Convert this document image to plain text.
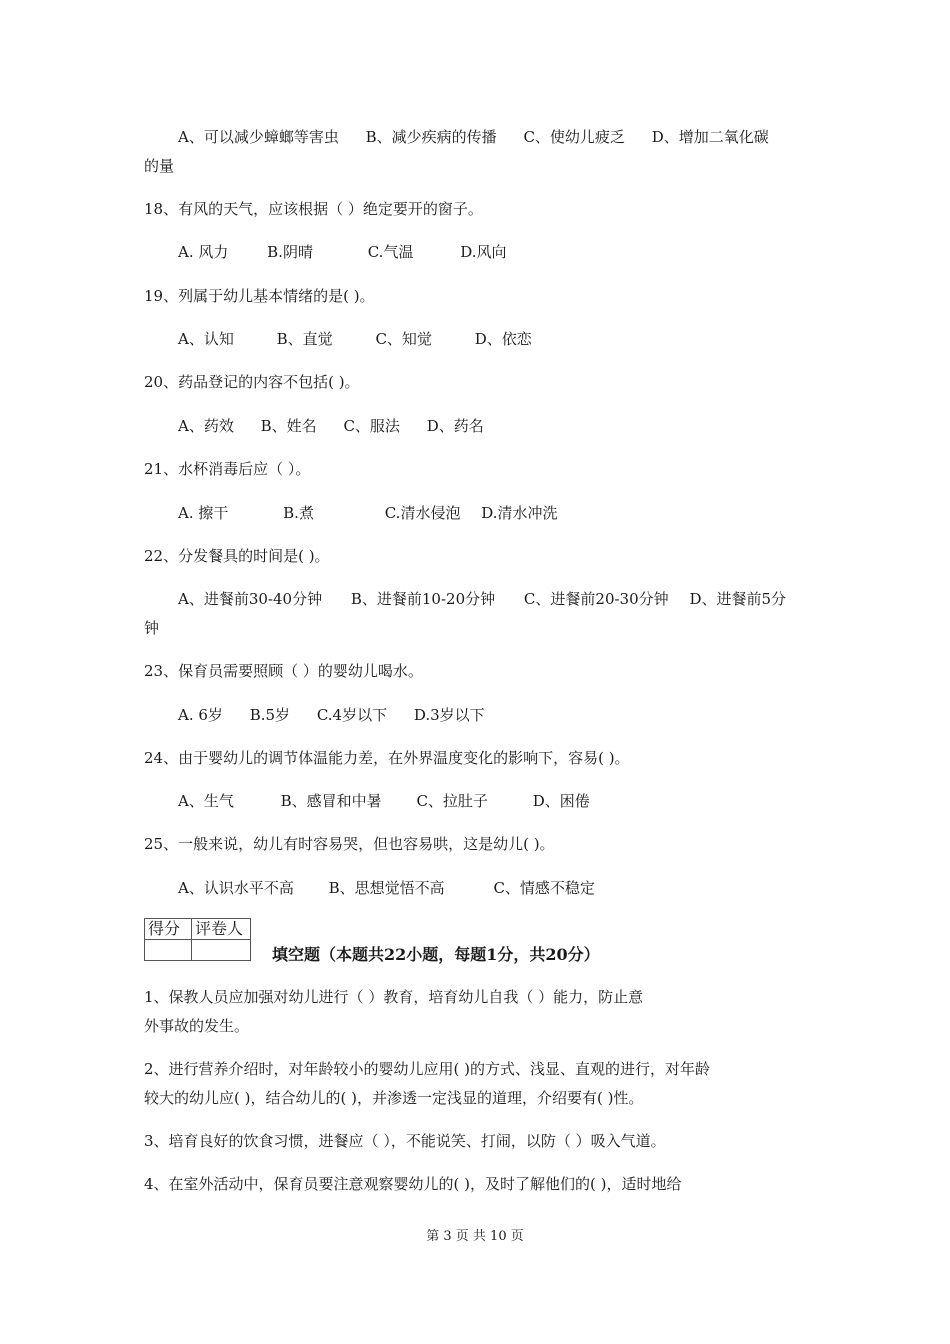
A、可以减少蟑螂等害虫 B、减少疾病的传播 C、使幼儿疲乏 D、增加二氧化碳
的量
18、有风的天气，应该根据（ ）绝定要开的窗子。
A. 风力	B.阴晴	C.气温	D.风向
19、列属于幼儿基本情绪的是( )。
A、认知	B、直觉	C、知觉	D、依恋
20、药品登记的内容不包括( )。
A、药效 B、姓名 C、服法 D、药名
21、水杯消毒后应（ ）。
A. 擦干	B.煮	C.清水侵泡 D.清水冲洗
22、分发餐具的时间是( )。
A、进餐前30-40分钟 B、进餐前10-20分钟 C、进餐前20-30分钟 D、进餐前5分
钟
23、保育员需要照顾（ ）的婴幼儿喝水。
A. 6岁 B.5岁 C.4岁以下 D.3岁以下
24、由于婴幼儿的调节体温能力差，在外界温度变化的影响下，容易( )。
A、生气	B、感冒和中暑 C、拉肚子	D、困倦
25、一般来说，幼儿有时容易哭，但也容易哄，这是幼儿( )。
A、认识水平不高 B、思想觉悟不高	C、情感不稳定
得分	评卷人

填空题（本题共22小题，每题1分，共20分）
1、保教人员应加强对幼儿进行（ ）教育，培育幼儿自我（ ）能力，防止意
外事故的发生。
2、进行营养介绍时，对年龄较小的婴幼儿应用( )的方式、浅显、直观的进行，对年龄
较大的幼儿应( )，结合幼儿的( )，并渗透一定浅显的道理，介绍要有( )性。
3、培育良好的饮食习惯，进餐应（ ），不能说笑、打闹，以防（ ）吸入气道。
4、在室外活动中，保育员要注意观察婴幼儿的( )，及时了解他们的( )，适时地给
第 3 页 共 10 页
